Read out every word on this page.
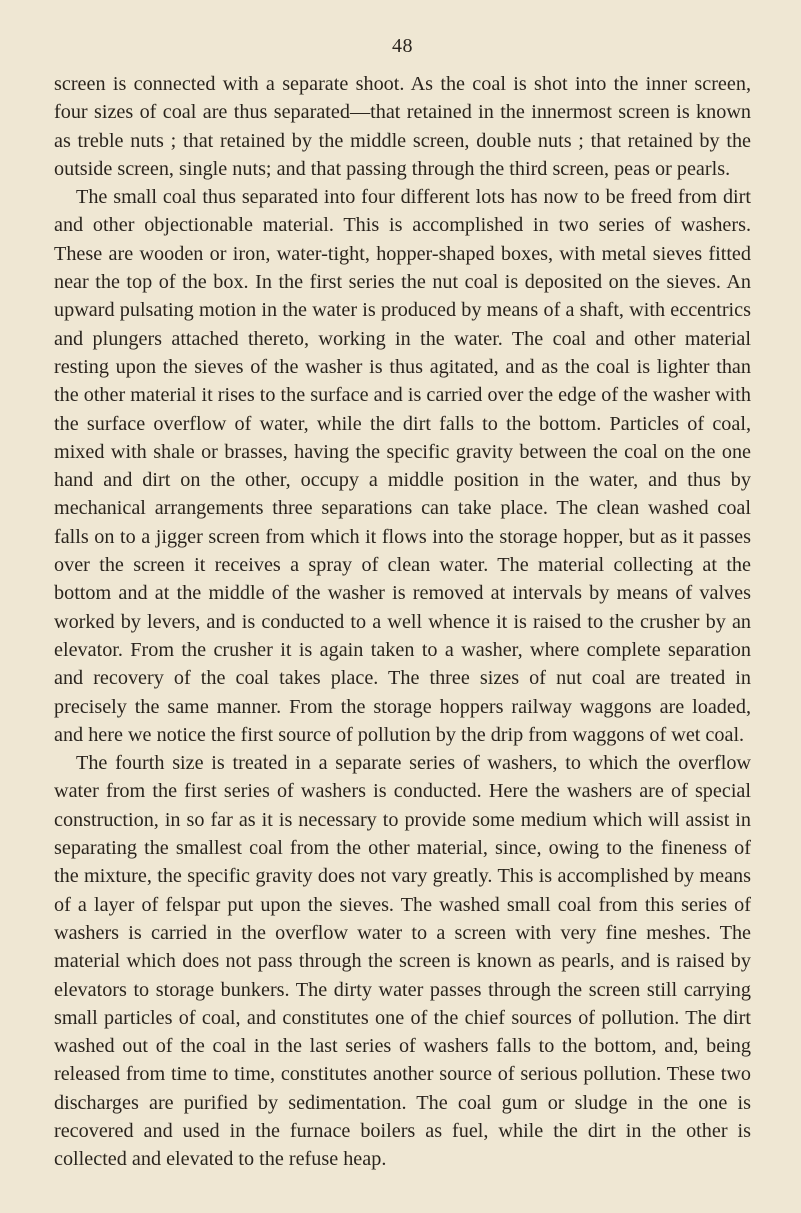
48

screen is connected with a separate shoot. As the coal is shot into the inner screen, four sizes of coal are thus separated—that retained in the innermost screen is known as treble nuts ; that retained by the middle screen, double nuts ; that retained by the outside screen, single nuts; and that passing through the third screen, peas or pearls.

The small coal thus separated into four different lots has now to be freed from dirt and other objectionable material. This is accomplished in two series of washers. These are wooden or iron, water-tight, hopper-shaped boxes, with metal sieves fitted near the top of the box. In the first series the nut coal is deposited on the sieves. An upward pulsating motion in the water is produced by means of a shaft, with eccentrics and plungers attached thereto, working in the water. The coal and other material resting upon the sieves of the washer is thus agitated, and as the coal is lighter than the other material it rises to the surface and is carried over the edge of the washer with the surface overflow of water, while the dirt falls to the bottom. Particles of coal, mixed with shale or brasses, having the specific gravity between the coal on the one hand and dirt on the other, occupy a middle position in the water, and thus by mechanical arrangements three separations can take place. The clean washed coal falls on to a jigger screen from which it flows into the storage hopper, but as it passes over the screen it receives a spray of clean water. The material collecting at the bottom and at the middle of the washer is removed at intervals by means of valves worked by levers, and is conducted to a well whence it is raised to the crusher by an elevator. From the crusher it is again taken to a washer, where complete separation and recovery of the coal takes place. The three sizes of nut coal are treated in precisely the same manner. From the storage hoppers railway waggons are loaded, and here we notice the first source of pollution by the drip from waggons of wet coal.

The fourth size is treated in a separate series of washers, to which the overflow water from the first series of washers is conducted. Here the washers are of special construction, in so far as it is necessary to provide some medium which will assist in separating the smallest coal from the other material, since, owing to the fineness of the mixture, the specific gravity does not vary greatly. This is accomplished by means of a layer of felspar put upon the sieves. The washed small coal from this series of washers is carried in the overflow water to a screen with very fine meshes. The material which does not pass through the screen is known as pearls, and is raised by elevators to storage bunkers. The dirty water passes through the screen still carrying small particles of coal, and constitutes one of the chief sources of pollution. The dirt washed out of the coal in the last series of washers falls to the bottom, and, being released from time to time, constitutes another source of serious pollution. These two discharges are purified by sedimentation. The coal gum or sludge in the one is recovered and used in the furnace boilers as fuel, while the dirt in the other is collected and elevated to the refuse heap.
